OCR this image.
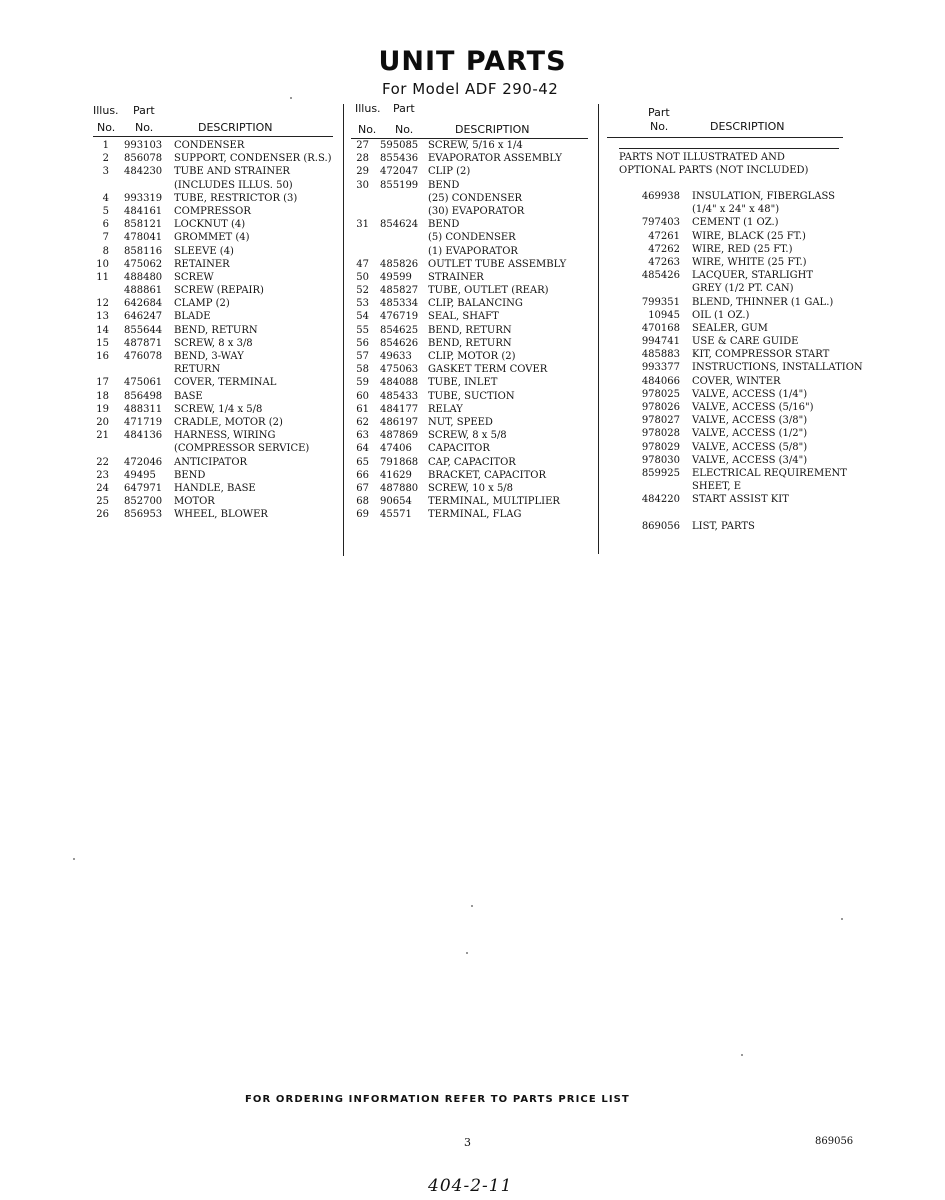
UNIT PARTS

For Model ADF 290-42

Illus. Part
No. No.	DESCRIPTION
1 993103 CONDENSER
2 856078 SUPPORT, CONDENSER (R.S.)
3 484230 TUBE AND STRAINER
(INCLUDES ILLUS. 50)
4 993319 TUBE, RESTRICTOR (3)
5 484161 COMPRESSOR
6 858121 LOCKNUT (4)
7 478041 GROMMET (4)
8 858116 SLEEVE (4)
10 475062 RETAINER
11 488480 SCREW
488861 SCREW (REPAIR)
12 642684 CLAMP (2)
13 646247 BLADE
14 855644 BEND, RETURN
15 487871 SCREW, 8 x 3/8
16 476078 BEND, 3-WAY
RETURN
17 475061 COVER, TERMINAL
18 856498 BASE
19 488311 SCREW, 1/4 x 5/8
20 471719 CRADLE, MOTOR (2)
21 484136 HARNESS, WIRING
(COMPRESSOR SERVICE)
22 472046 ANTICIPATOR
23 49495 BEND
24 647971 HANDLE, BASE
25 852700 MOTOR
26 856953 WHEEL, BLOWER
Illus. Part
No. No.	DESCRIPTION
27 595085 SCREW, 5/16 x 1/4
28 855436 EVAPORATOR ASSEMBLY
29 472047 CLIP (2)
30 855199 BEND
(25) CONDENSER
(30) EVAPORATOR
31 854624 BEND
(5) CONDENSER
(1) EVAPORATOR
47 485826 OUTLET TUBE ASSEMBLY
50 49599 STRAINER
52 485827 TUBE, OUTLET (REAR)
53 485334 CLIP, BALANCING
54 476719 SEAL, SHAFT
55 854625 BEND, RETURN
56 854626 BEND, RETURN
57 49633 CLIP, MOTOR (2)
58 475063 GASKET TERM COVER
59 484088 TUBE, INLET
60 485433 TUBE, SUCTION
61 484177 RELAY
62 486197 NUT, SPEED
63 487869 SCREW, 8 x 5/8
64 47406 CAPACITOR
65 791868 CAP, CAPACITOR
66 41629 BRACKET, CAPACITOR
67 487880 SCREW, 10 x 5/8
68 90654 TERMINAL, MULTIPLIER
69 45571 TERMINAL, FLAG
Part
No.	DESCRIPTION
PARTS NOT ILLUSTRATED AND
OPTIONAL PARTS (NOT INCLUDED)
469938 INSULATION, FIBERGLASS
(1/4" x 24" x 48")
797403 CEMENT (1 OZ.)
47261 WIRE, BLACK (25 FT.)
47262 WIRE, RED (25 FT.)
47263 WIRE, WHITE (25 FT.)
485426 LACQUER, STARLIGHT
GREY (1/2 PT. CAN)
799351 BLEND, THINNER (1 GAL.)
10945 OIL (1 OZ.)
470168 SEALER, GUM
994741 USE & CARE GUIDE
485883 KIT, COMPRESSOR START
993377 INSTRUCTIONS, INSTALLATION
484066 COVER, WINTER
978025 VALVE, ACCESS (1/4")
978026 VALVE, ACCESS (5/16")
978027 VALVE, ACCESS (3/8")
978028 VALVE, ACCESS (1/2")
978029 VALVE, ACCESS (5/8")
978030 VALVE, ACCESS (3/4")
859925 ELECTRICAL REQUIREMENT
SHEET, E
484220 START ASSIST KIT
869056 LIST, PARTS

FOR ORDERING INFORMATION REFER TO PARTS PRICE LIST

3	869056
404-2-11
